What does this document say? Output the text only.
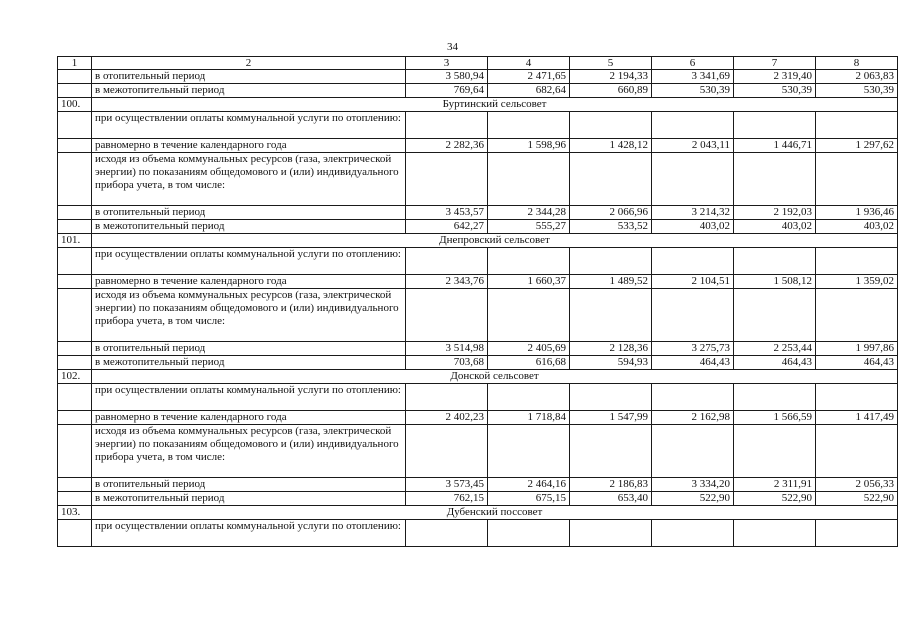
34
1	2	3	4	5	6	7	8
	в отопительный период	3 580,94	2 471,65	2 194,33	3 341,69	2 319,40	2 063,83
	в межотопительный период	769,64	682,64	660,89	530,39	530,39	530,39
100.	Буртинский сельсовет						
	при осуществлении оплаты коммунальной услуги по отоплению:						
	равномерно в течение календарного года	2 282,36	1 598,96	1 428,12	2 043,11	1 446,71	1 297,62
	исходя из объема коммунальных ресурсов (газа, электрической энергии) по показаниям общедомового и (или) индивидуального прибора учета, в том числе:						
	в отопительный период	3 453,57	2 344,28	2 066,96	3 214,32	2 192,03	1 936,46
	в межотопительный период	642,27	555,27	533,52	403,02	403,02	403,02
101.	Днепровский сельсовет						
	при осуществлении оплаты коммунальной услуги по отоплению:						
	равномерно в течение календарного года	2 343,76	1 660,37	1 489,52	2 104,51	1 508,12	1 359,02
	исходя из объема коммунальных ресурсов (газа, электрической энергии) по показаниям общедомового и (или) индивидуального прибора учета, в том числе:						
	в отопительный период	3 514,98	2 405,69	2 128,36	3 275,73	2 253,44	1 997,86
	в межотопительный период	703,68	616,68	594,93	464,43	464,43	464,43
102.	Донской сельсовет						
	при осуществлении оплаты коммунальной услуги по отоплению:						
	равномерно в течение календарного года	2 402,23	1 718,84	1 547,99	2 162,98	1 566,59	1 417,49
	исходя из объема коммунальных ресурсов (газа, электрической энергии) по показаниям общедомового и (или) индивидуального прибора учета, в том числе:						
	в отопительный период	3 573,45	2 464,16	2 186,83	3 334,20	2 311,91	2 056,33
	в межотопительный период	762,15	675,15	653,40	522,90	522,90	522,90
103.	Дубенский поссовет						
	при осуществлении оплаты коммунальной услуги по отоплению:						
